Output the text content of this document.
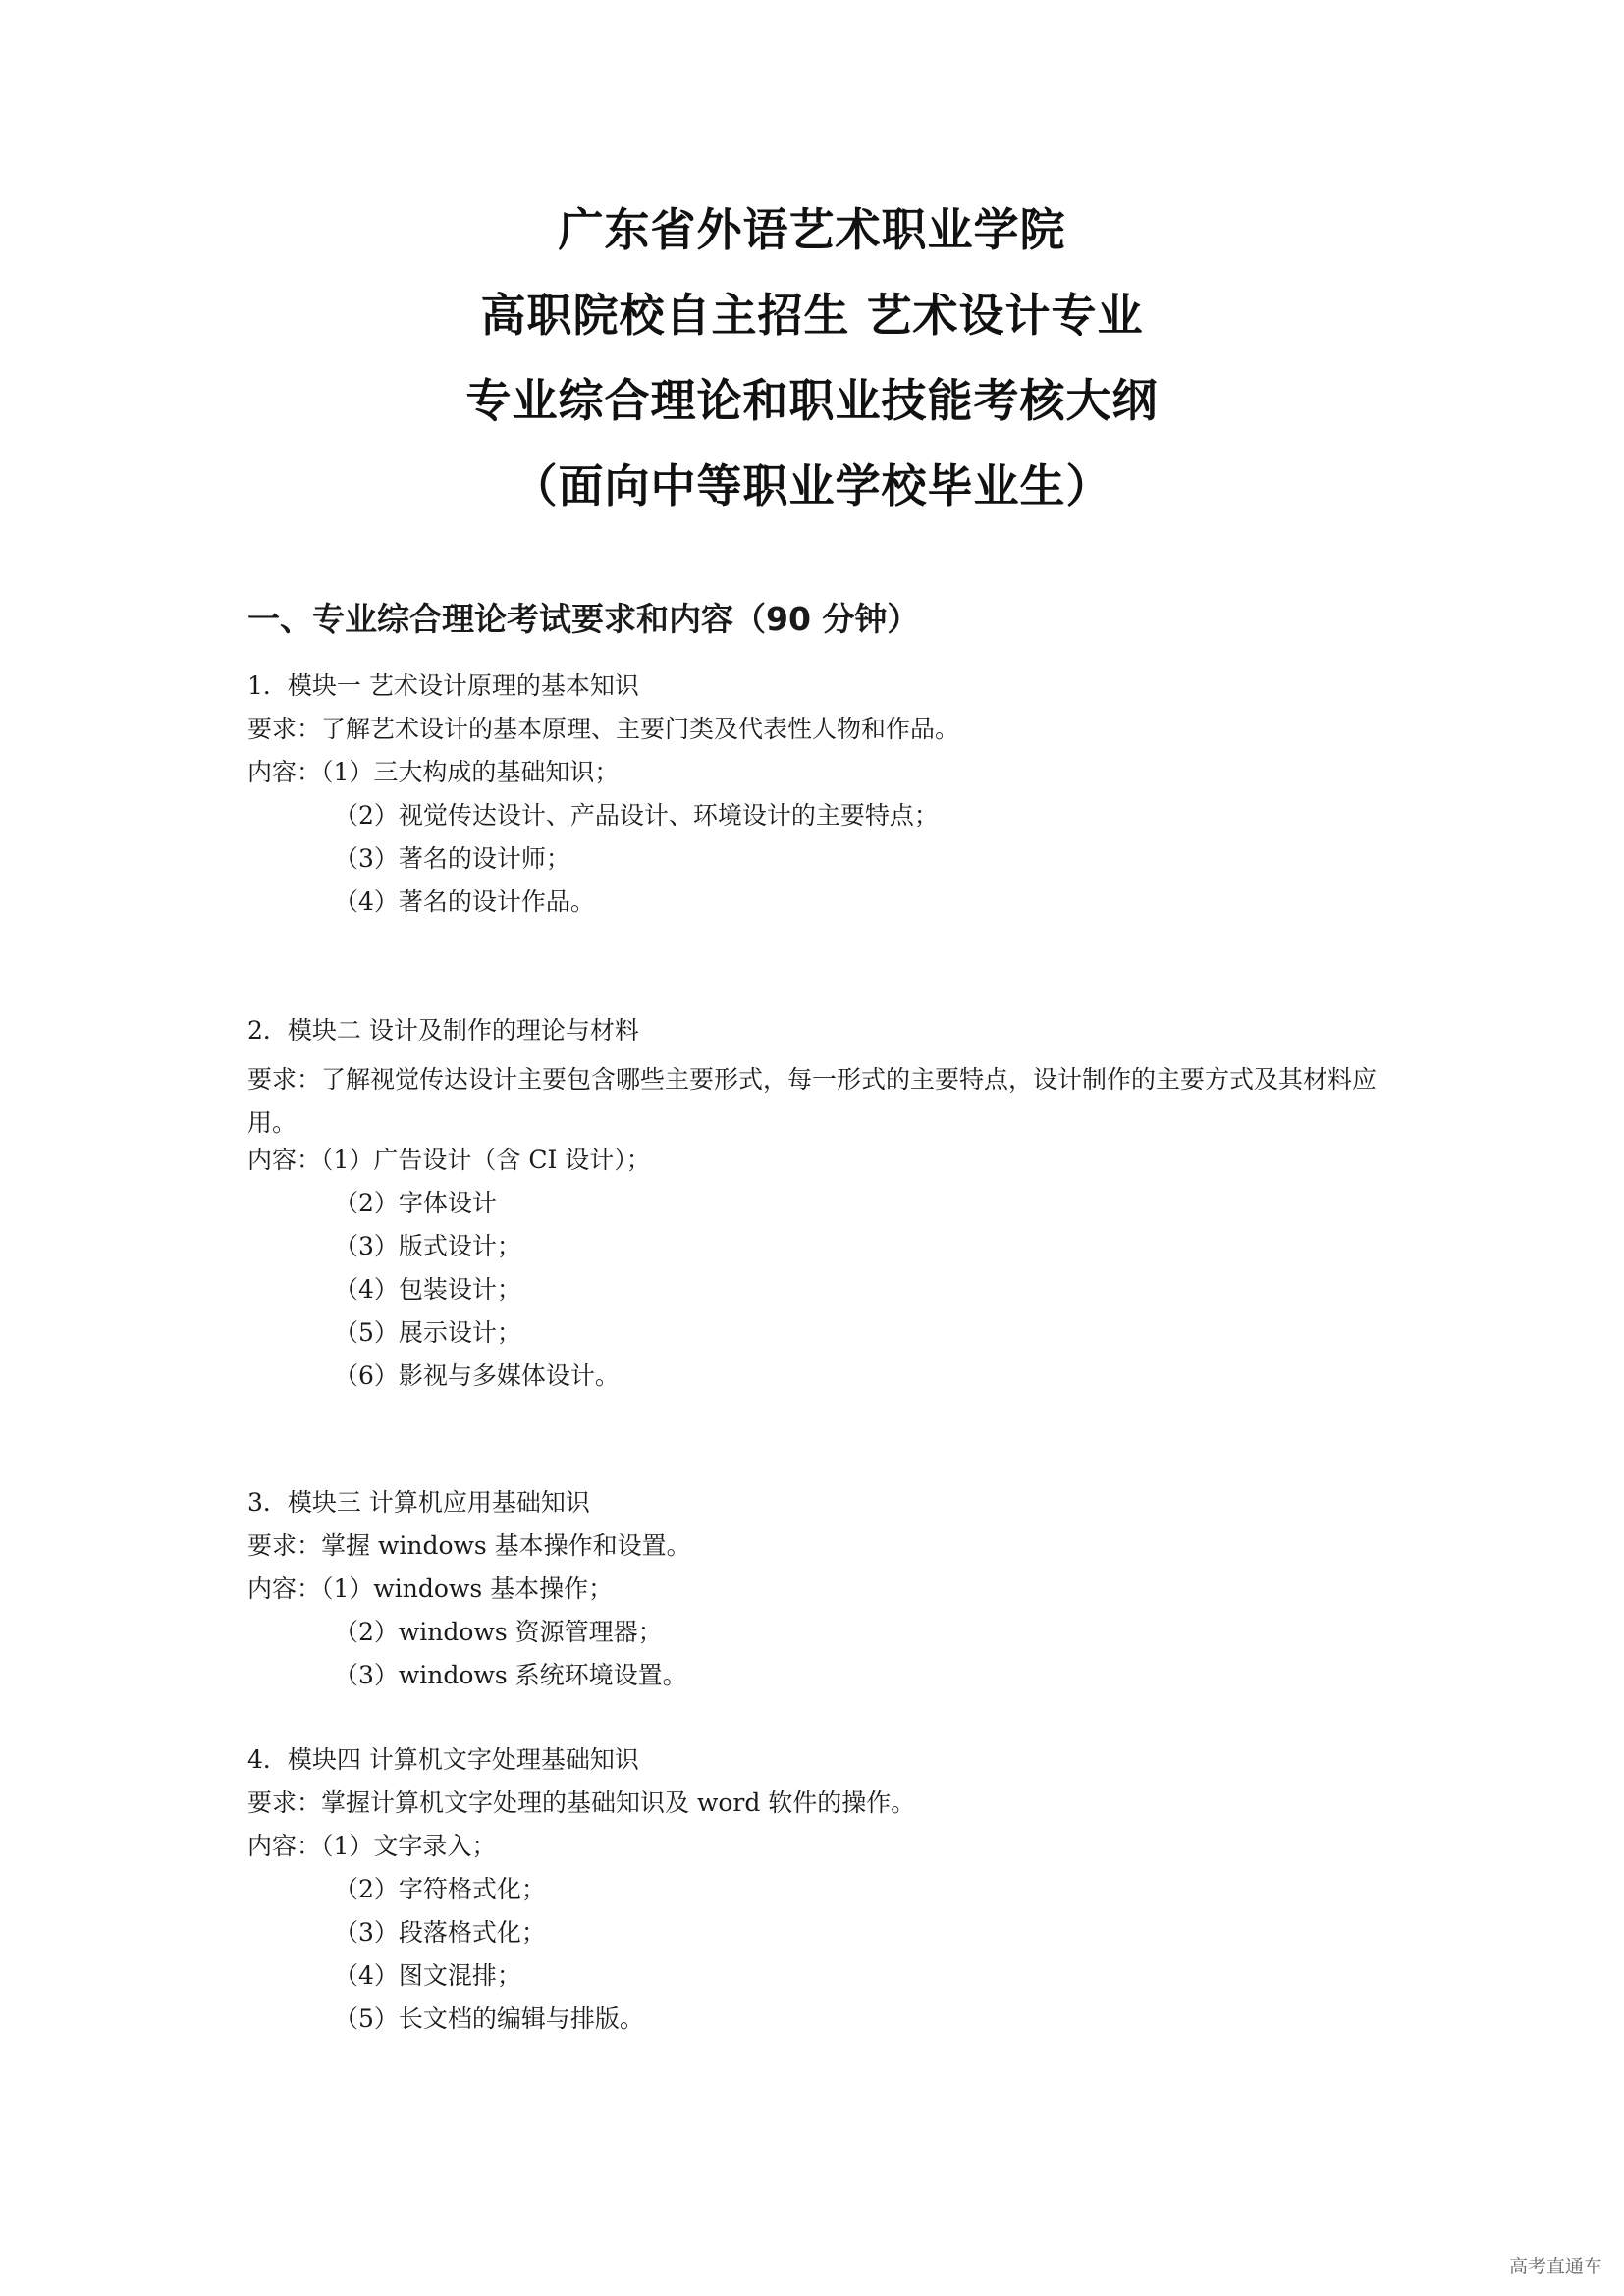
广东省外语艺术职业学院
高职院校自主招生 艺术设计专业
专业综合理论和职业技能考核大纲
（面向中等职业学校毕业生）
一、专业综合理论考试要求和内容（90 分钟）
1．模块一 艺术设计原理的基本知识
要求：了解艺术设计的基本原理、主要门类及代表性人物和作品。
内容：（1）三大构成的基础知识；
（2）视觉传达设计、产品设计、环境设计的主要特点；
（3）著名的设计师；
（4）著名的设计作品。
2．模块二 设计及制作的理论与材料
要求：了解视觉传达设计主要包含哪些主要形式，每一形式的主要特点，设计制作的主要方式及其材料应用。
内容：（1）广告设计（含 CI 设计）；
（2）字体设计
（3）版式设计；
（4）包装设计；
（5）展示设计；
（6）影视与多媒体设计。
3．模块三 计算机应用基础知识
要求：掌握 windows 基本操作和设置。
内容：（1）windows 基本操作；
（2）windows 资源管理器；
（3）windows 系统环境设置。
4．模块四 计算机文字处理基础知识
要求：掌握计算机文字处理的基础知识及 word 软件的操作。
内容：（1）文字录入；
（2）字符格式化；
（3）段落格式化；
（4）图文混排；
（5）长文档的编辑与排版。
高考直通车
